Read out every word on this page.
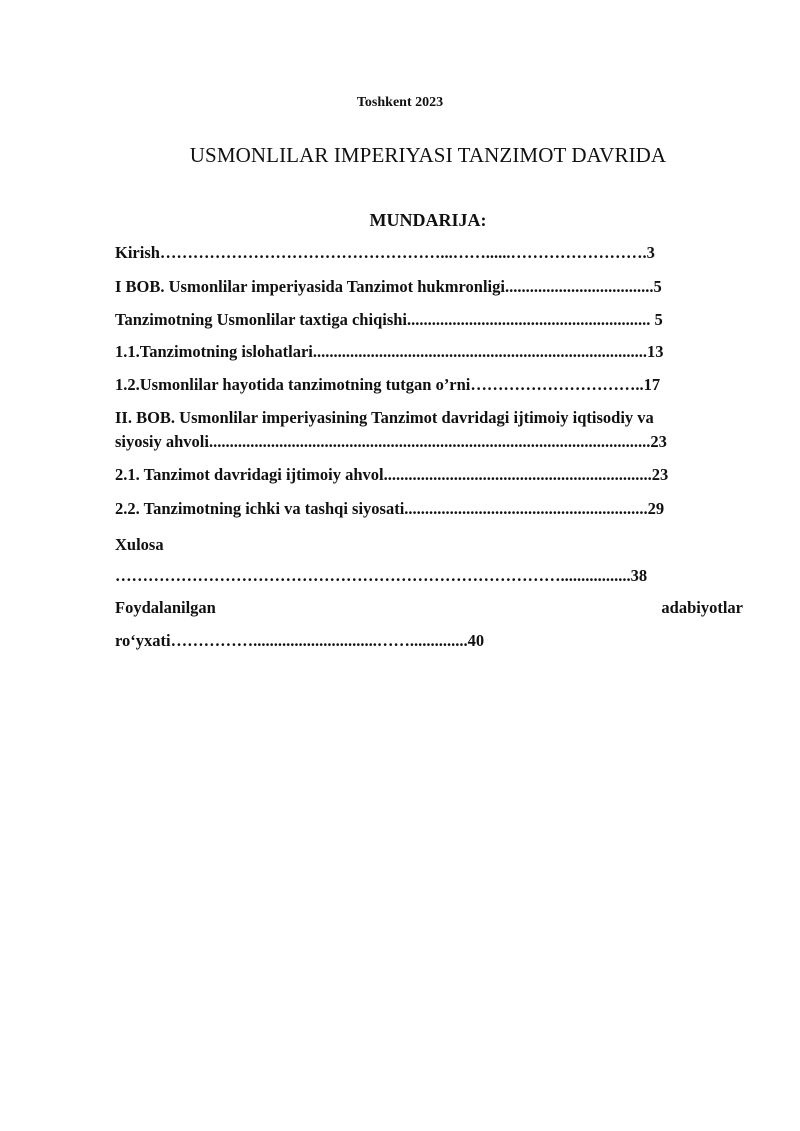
Toshkent 2023
USMONLILAR IMPERIYASI TANZIMOT DAVRIDA
MUNDARIJA:
Kirish……………………………………………...……......…………………….3
I BOB. Usmonlilar imperiyasida Tanzimot hukmronligi....................................5
Tanzimotning Usmonlilar taxtiga chiqishi........................................................... 5
1.1.Tanzimotning islohatlari.................................................................................13
1.2.Usmonlilar hayotida tanzimotning tutgan o’rni…………………………..17
II. BOB. Usmonlilar imperiyasining Tanzimot davridagi ijtimoiy iqtisodiy va
siyosiy ahvoli...........................................................................................................23
2.1. Tanzimot davridagi ijtimoiy ahvol.................................................................23
2.2. Tanzimotning ichki va tashqi siyosati...........................................................29
Xulosa
……………………………………………………………………….................38
Foydalanilgan	adabiyotlar
ro‘yxati……………..............................……..............40
